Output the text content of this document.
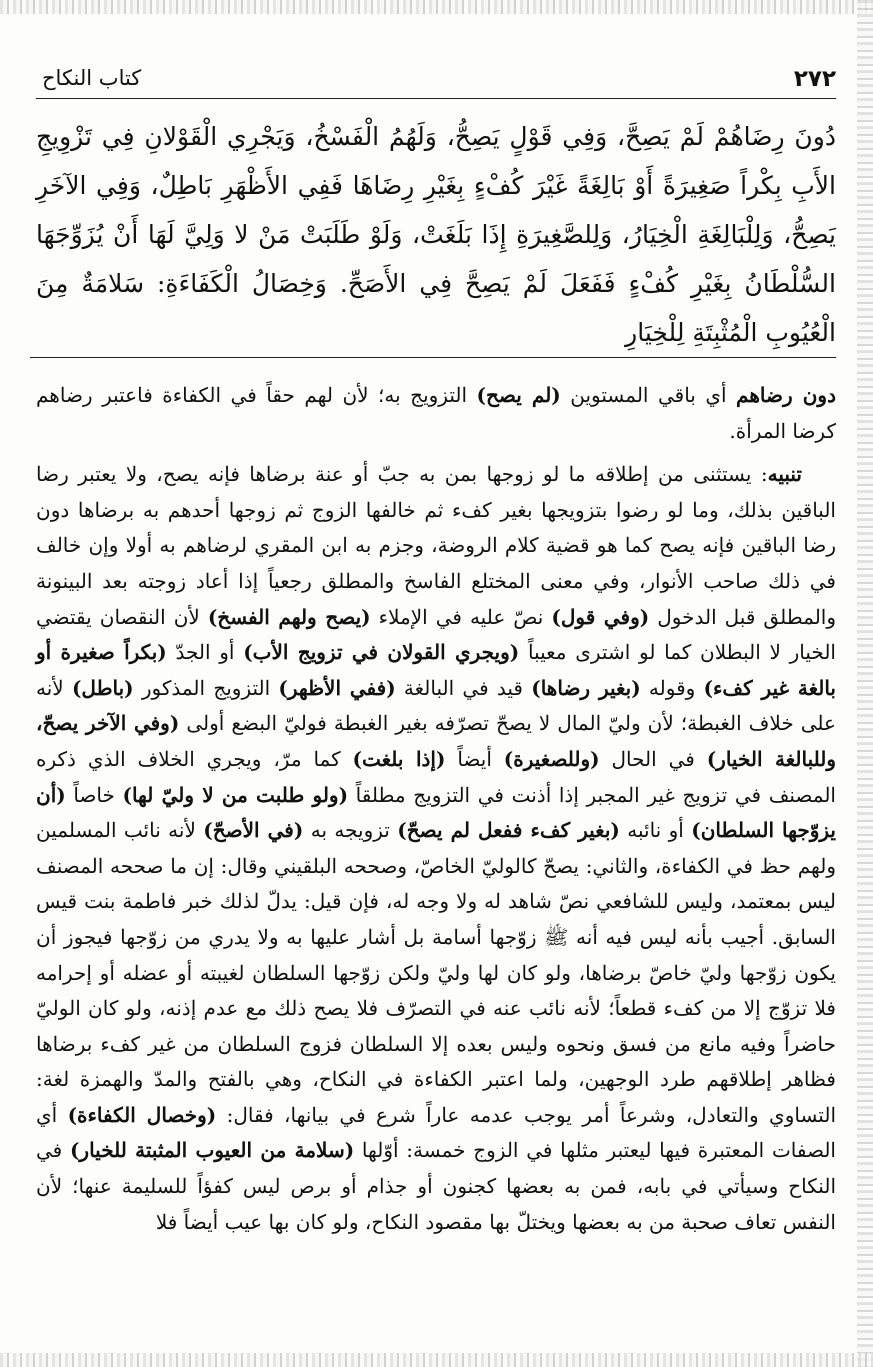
٢٧٢
كتاب النكاح

دُونَ رِضَاهُمْ لَمْ يَصِحَّ، وَفِي قَوْلٍ يَصِحُّ، وَلَهُمُ الْفَسْخُ، وَيَجْرِي الْقَوْلانِ فِي تَزْوِيجِ الأَبِ بِكْراً صَغِيرَةً أَوْ بَالِغَةً غَيْرَ كُفْءٍ بِغَيْرِ رِضَاهَا فَفِي الأَظْهَرِ بَاطِلٌ، وَفِي الآخَرِ يَصِحُّ، وَلِلْبَالِغَةِ الْخِيَارُ، وَلِلصَّغِيرَةِ إِذَا بَلَغَتْ، وَلَوْ طَلَبَتْ مَنْ لا وَلِيَّ لَهَا أَنْ يُزَوِّجَهَا السُّلْطَانُ بِغَيْرِ كُفْءٍ فَفَعَلَ لَمْ يَصِحَّ فِي الأَصَحِّ. وَخِصَالُ الْكَفَاءَةِ: سَلامَةٌ مِنَ الْعُيُوبِ الْمُثْبِتَةِ لِلْخِيَارِ

دون رضاهم أي باقي المستوين (لم يصح) التزويج به؛ لأن لهم حقاً في الكفاءة فاعتبر رضاهم كرضا المرأة.

تنبيه: يستثنى من إطلاقه ما لو زوجها بمن به جبّ أو عنة برضاها فإنه يصح، ولا يعتبر رضا الباقين بذلك، وما لو رضوا بتزويجها بغير كفء ثم خالفها الزوج ثم زوجها أحدهم به برضاها دون رضا الباقين فإنه يصح كما هو قضية كلام الروضة، وجزم به ابن المقري لرضاهم به أولا وإن خالف في ذلك صاحب الأنوار، وفي معنى المختلع الفاسخ والمطلق رجعياً إذا أعاد زوجته بعد البينونة والمطلق قبل الدخول (وفي قول) نصّ عليه في الإملاء (يصح ولهم الفسخ) لأن النقصان يقتضي الخيار لا البطلان كما لو اشترى معيباً (ويجري القولان في تزويج الأب) أو الجدّ (بكراً صغيرة أو بالغة غير كفء) وقوله (بغير رضاها) قيد في البالغة (ففي الأظهر) التزويج المذكور (باطل) لأنه على خلاف الغبطة؛ لأن وليّ المال لا يصحّ تصرّفه بغير الغبطة فوليّ البضع أولى (وفي الآخر يصحّ، وللبالغة الخيار) في الحال (وللصغيرة) أيضاً (إذا بلغت) كما مرّ، ويجري الخلاف الذي ذكره المصنف في تزويج غير المجبر إذا أذنت في التزويج مطلقاً (ولو طلبت من لا وليّ لها) خاصاً (أن يزوّجها السلطان) أو نائبه (بغير كفء ففعل لم يصحّ) تزويجه به (في الأصحّ) لأنه نائب المسلمين ولهم حظ في الكفاءة، والثاني: يصحّ كالوليّ الخاصّ، وصححه البلقيني وقال: إن ما صححه المصنف ليس بمعتمد، وليس للشافعي نصّ شاهد له ولا وجه له، فإن قيل: يدلّ لذلك خبر فاطمة بنت قيس السابق. أجيب بأنه ليس فيه أنه ﷺ زوّجها أسامة بل أشار عليها به ولا يدري من زوّجها فيجوز أن يكون زوّجها وليّ خاصّ برضاها، ولو كان لها وليّ ولكن زوّجها السلطان لغيبته أو عضله أو إحرامه فلا تزوّج إلا من كفء قطعاً؛ لأنه نائب عنه في التصرّف فلا يصح ذلك مع عدم إذنه، ولو كان الوليّ حاضراً وفيه مانع من فسق ونحوه وليس بعده إلا السلطان فزوج السلطان من غير كفء برضاها فظاهر إطلاقهم طرد الوجهين، ولما اعتبر الكفاءة في النكاح، وهي بالفتح والمدّ والهمزة لغة: التساوي والتعادل، وشرعاً أمر يوجب عدمه عاراً شرع في بيانها، فقال: (وخصال الكفاءة) أي الصفات المعتبرة فيها ليعتبر مثلها في الزوج خمسة: أوّلها (سلامة من العيوب المثبتة للخيار) في النكاح وسيأتي في بابه، فمن به بعضها كجنون أو جذام أو برص ليس كفؤاً للسليمة عنها؛ لأن النفس تعاف صحبة من به بعضها ويختلّ بها مقصود النكاح، ولو كان بها عيب أيضاً فلا
